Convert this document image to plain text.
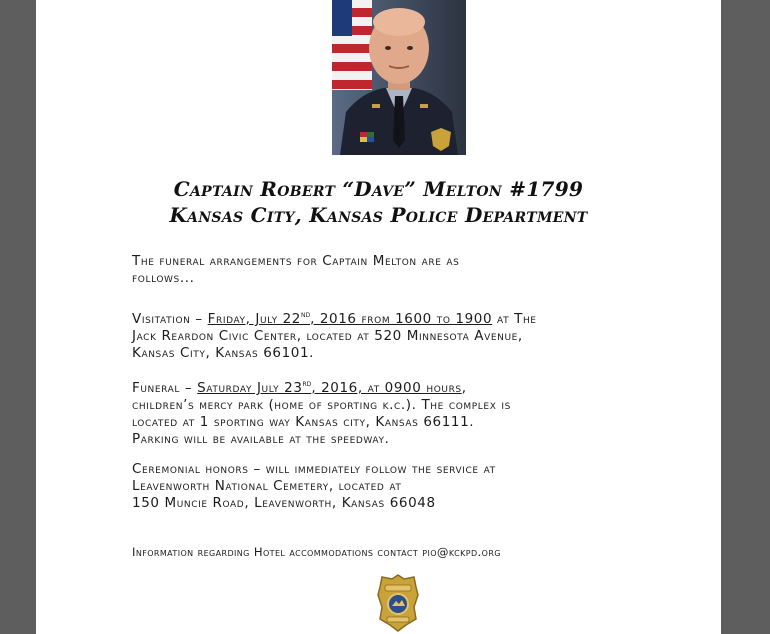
Captain Robert “Dave” Melton #1799
Kansas City, Kansas Police Department
The funeral arrangements for Captain Melton are as
follows...
Visitation – Friday, July 22nd, 2016 from 1600 to 1900 at The
Jack Reardon Civic Center, located at 520 Minnesota Avenue,
Kansas City, Kansas 66101.
Funeral – Saturday July 23rd, 2016, at 0900 hours,
children’s mercy park (home of sporting k.c.). The complex is
located at 1 sporting way Kansas city, Kansas 66111.
Parking will be available at the speedway.
Ceremonial honors – will immediately follow the service at
Leavenworth National Cemetery, located at
150 Muncie Road, Leavenworth, Kansas 66048
Information regarding Hotel accommodations contact pio@kckpd.org
